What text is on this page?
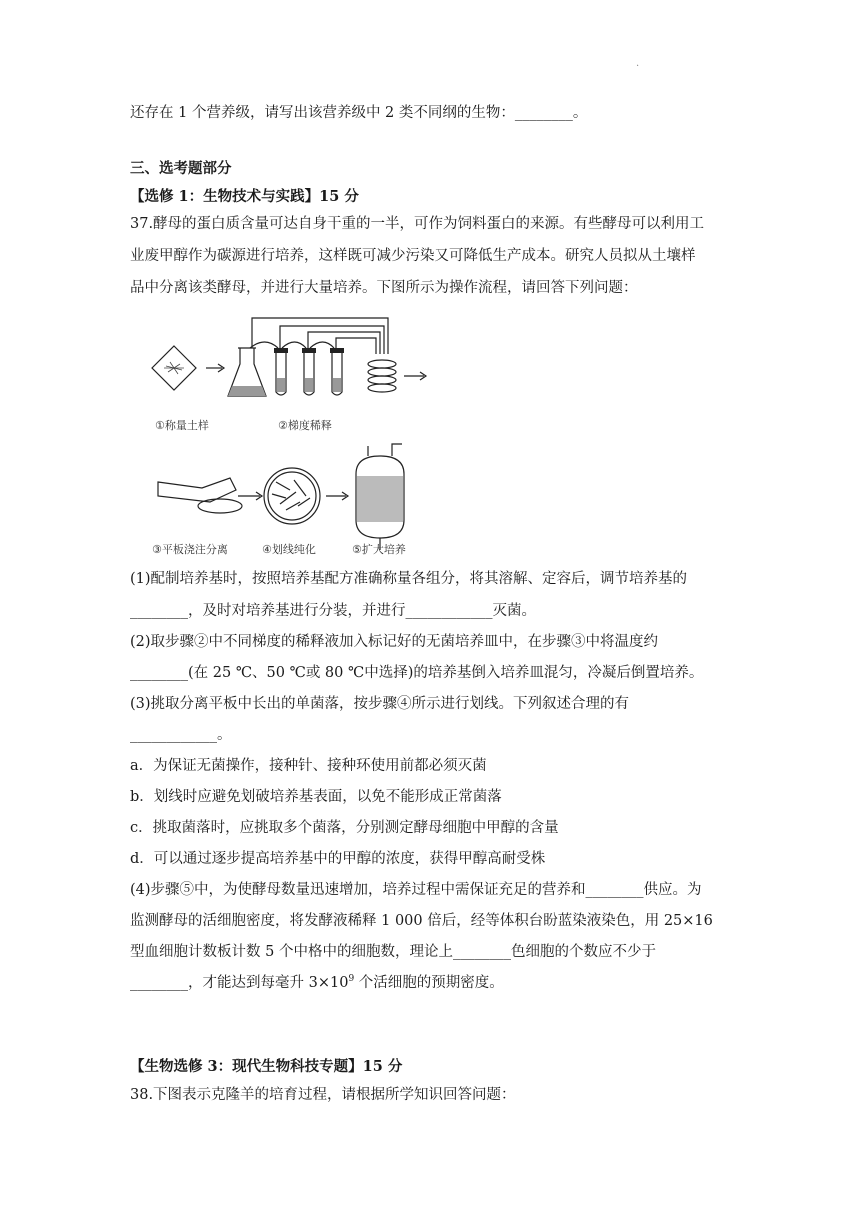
.
还存在 1 个营养级，请写出该营养级中 2 类不同纲的生物：________。
三、选考题部分
【选修 1：生物技术与实践】15 分
37.酵母的蛋白质含量可达自身干重的一半，可作为饲料蛋白的来源。有些酵母可以利用工
业废甲醇作为碳源进行培养，这样既可减少污染又可降低生产成本。研究人员拟从土壤样
品中分离该类酵母，并进行大量培养。下图所示为操作流程，请回答下列问题：
①称量土样	②梯度稀释
③平板浇注分离	④划线纯化	⑤扩大培养
(1)配制培养基时，按照培养基配方准确称量各组分，将其溶解、定容后，调节培养基的
________，及时对培养基进行分装，并进行____________灭菌。
(2)取步骤②中不同梯度的稀释液加入标记好的无菌培养皿中，在步骤③中将温度约
________(在 25 ℃、50 ℃或 80 ℃中选择)的培养基倒入培养皿混匀，冷凝后倒置培养。
(3)挑取分离平板中长出的单菌落，按步骤④所示进行划线。下列叙述合理的有
____________。
a．为保证无菌操作，接种针、接种环使用前都必须灭菌
b．划线时应避免划破培养基表面，以免不能形成正常菌落
c．挑取菌落时，应挑取多个菌落，分别测定酵母细胞中甲醇的含量
d．可以通过逐步提高培养基中的甲醇的浓度，获得甲醇高耐受株
(4)步骤⑤中，为使酵母数量迅速增加，培养过程中需保证充足的营养和________供应。为
监测酵母的活细胞密度，将发酵液稀释 1 000 倍后，经等体积台盼蓝染液染色，用 25×16
型血细胞计数板计数 5 个中格中的细胞数，理论上________色细胞的个数应不少于
________，才能达到每毫升 $3\times 10^9$ 个活细胞的预期密度。
【生物选修 3：现代生物科技专题】15 分
38.下图表示克隆羊的培育过程，请根据所学知识回答问题：
